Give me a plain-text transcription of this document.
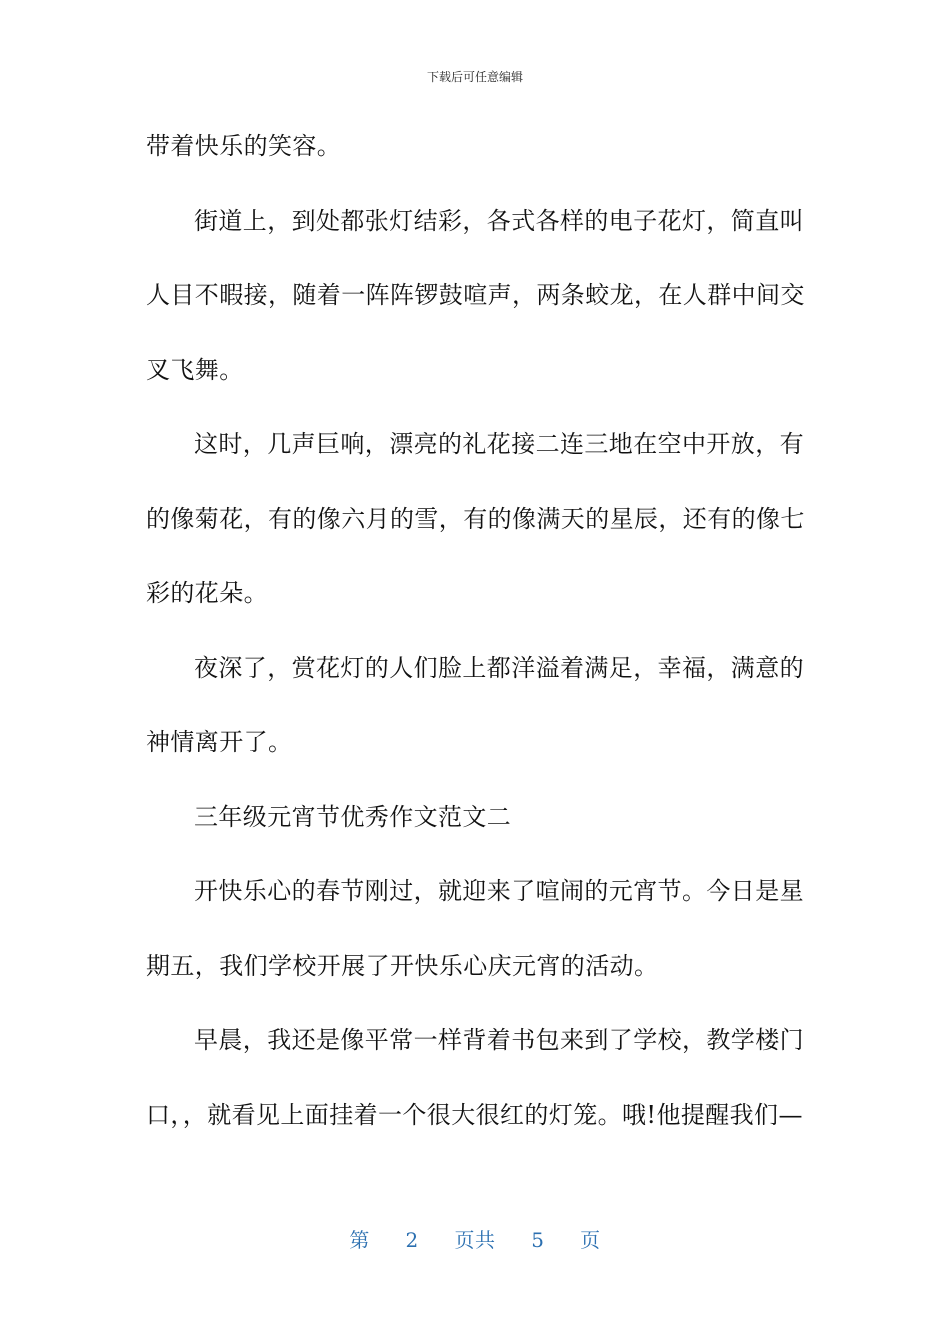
下载后可任意编辑
带着快乐的笑容。
街道上，到处都张灯结彩，各式各样的电子花灯，简直叫
人目不暇接，随着一阵阵锣鼓喧声，两条蛟龙，在人群中间交
叉飞舞。
这时，几声巨响，漂亮的礼花接二连三地在空中开放，有
的像菊花，有的像六月的雪，有的像满天的星辰，还有的像七
彩的花朵。
夜深了，赏花灯的人们脸上都洋溢着满足，幸福，满意的
神情离开了。
三年级元宵节优秀作文范文二
开快乐心的春节刚过，就迎来了喧闹的元宵节。今日是星
期五，我们学校开展了开快乐心庆元宵的活动。
早晨，我还是像平常一样背着书包来到了学校，教学楼门
口，，就看见上面挂着一个很大很红的灯笼。哦!他提醒我们—
第 2 页共 5 页
